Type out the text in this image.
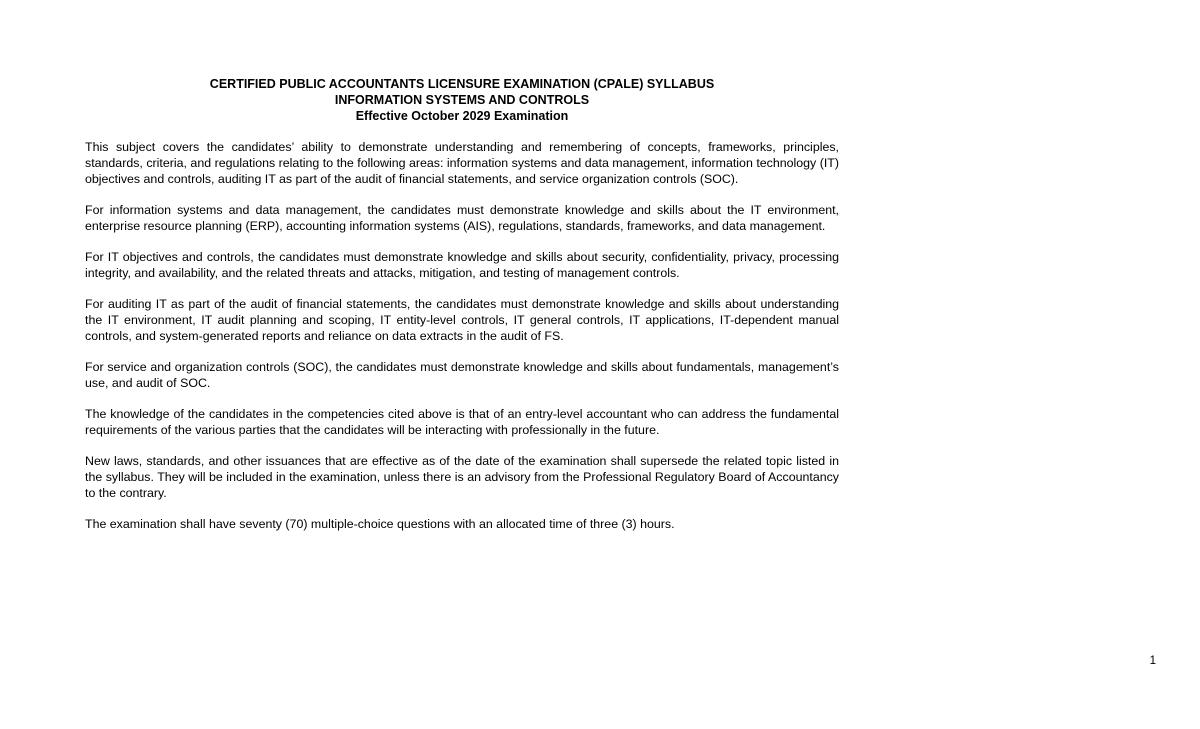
CERTIFIED PUBLIC ACCOUNTANTS LICENSURE EXAMINATION (CPALE) SYLLABUS

INFORMATION SYSTEMS AND CONTROLS

Effective October 2029 Examination

This subject covers the candidates’ ability to demonstrate understanding and remembering of concepts, frameworks, principles, standards, criteria, and regulations relating to the following areas: information systems and data management, information technology (IT) objectives and controls, auditing IT as part of the audit of financial statements, and service organization controls (SOC).

For information systems and data management, the candidates must demonstrate knowledge and skills about the IT environment, enterprise resource planning (ERP), accounting information systems (AIS), regulations, standards, frameworks, and data management.

For IT objectives and controls, the candidates must demonstrate knowledge and skills about security, confidentiality, privacy, processing integrity, and availability, and the related threats and attacks, mitigation, and testing of management controls.

For auditing IT as part of the audit of financial statements, the candidates must demonstrate knowledge and skills about understanding the IT environment, IT audit planning and scoping, IT entity-level controls, IT general controls, IT applications, IT-dependent manual controls, and system-generated reports and reliance on data extracts in the audit of FS.

For service and organization controls (SOC), the candidates must demonstrate knowledge and skills about fundamentals, management’s use, and audit of SOC.

The knowledge of the candidates in the competencies cited above is that of an entry-level accountant who can address the fundamental requirements of the various parties that the candidates will be interacting with professionally in the future.

New laws, standards, and other issuances that are effective as of the date of the examination shall supersede the related topic listed in the syllabus. They will be included in the examination, unless there is an advisory from the Professional Regulatory Board of Accountancy to the contrary.

The examination shall have seventy (70) multiple-choice questions with an allocated time of three (3) hours.

1
